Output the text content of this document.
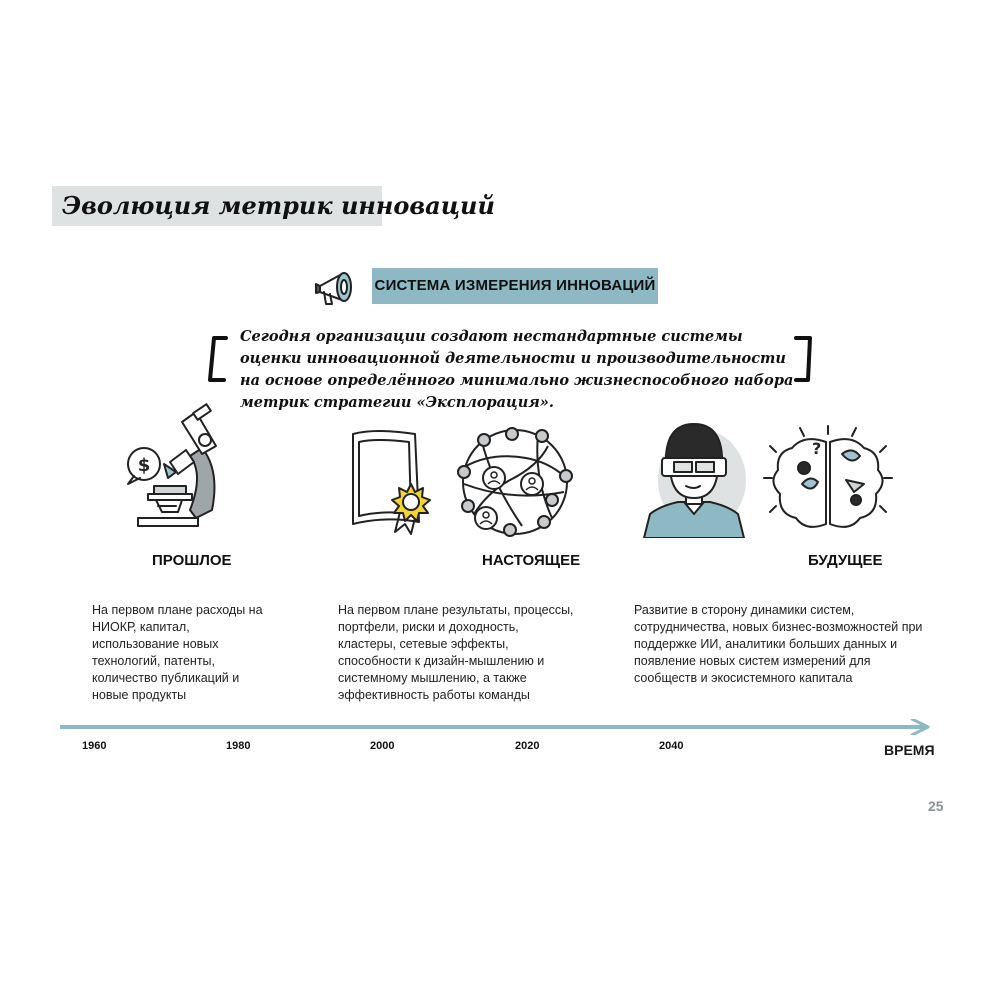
Эволюция метрик инноваций
СИСТЕМА ИЗМЕРЕНИЯ ИННОВАЦИЙ
Сегодня организации создают нестандартные системы оценки инновационной деятельности и производительности на основе определённого минимально жизнеспособного набора метрик стратегии «Эксплорация».
$
?
ПРОШЛОЕ	НАСТОЯЩЕЕ	БУДУЩЕЕ
На первом плане расходы на НИОКР, капитал, использование новых технологий, патенты, количество публикаций и новые продукты
На первом плане результаты, процессы, портфели, риски и доходность, кластеры, сетевые эффекты, способности к дизайн-мышлению и системному мышлению, а также эффективность работы команды
Развитие в сторону динамики систем, сотрудничества, новых бизнес-возможностей при поддержке ИИ, аналитики больших данных и появление новых систем измерений для сообществ и экосистемного капитала
1960	1980	2000	2020	2040	ВРЕМЯ
25
